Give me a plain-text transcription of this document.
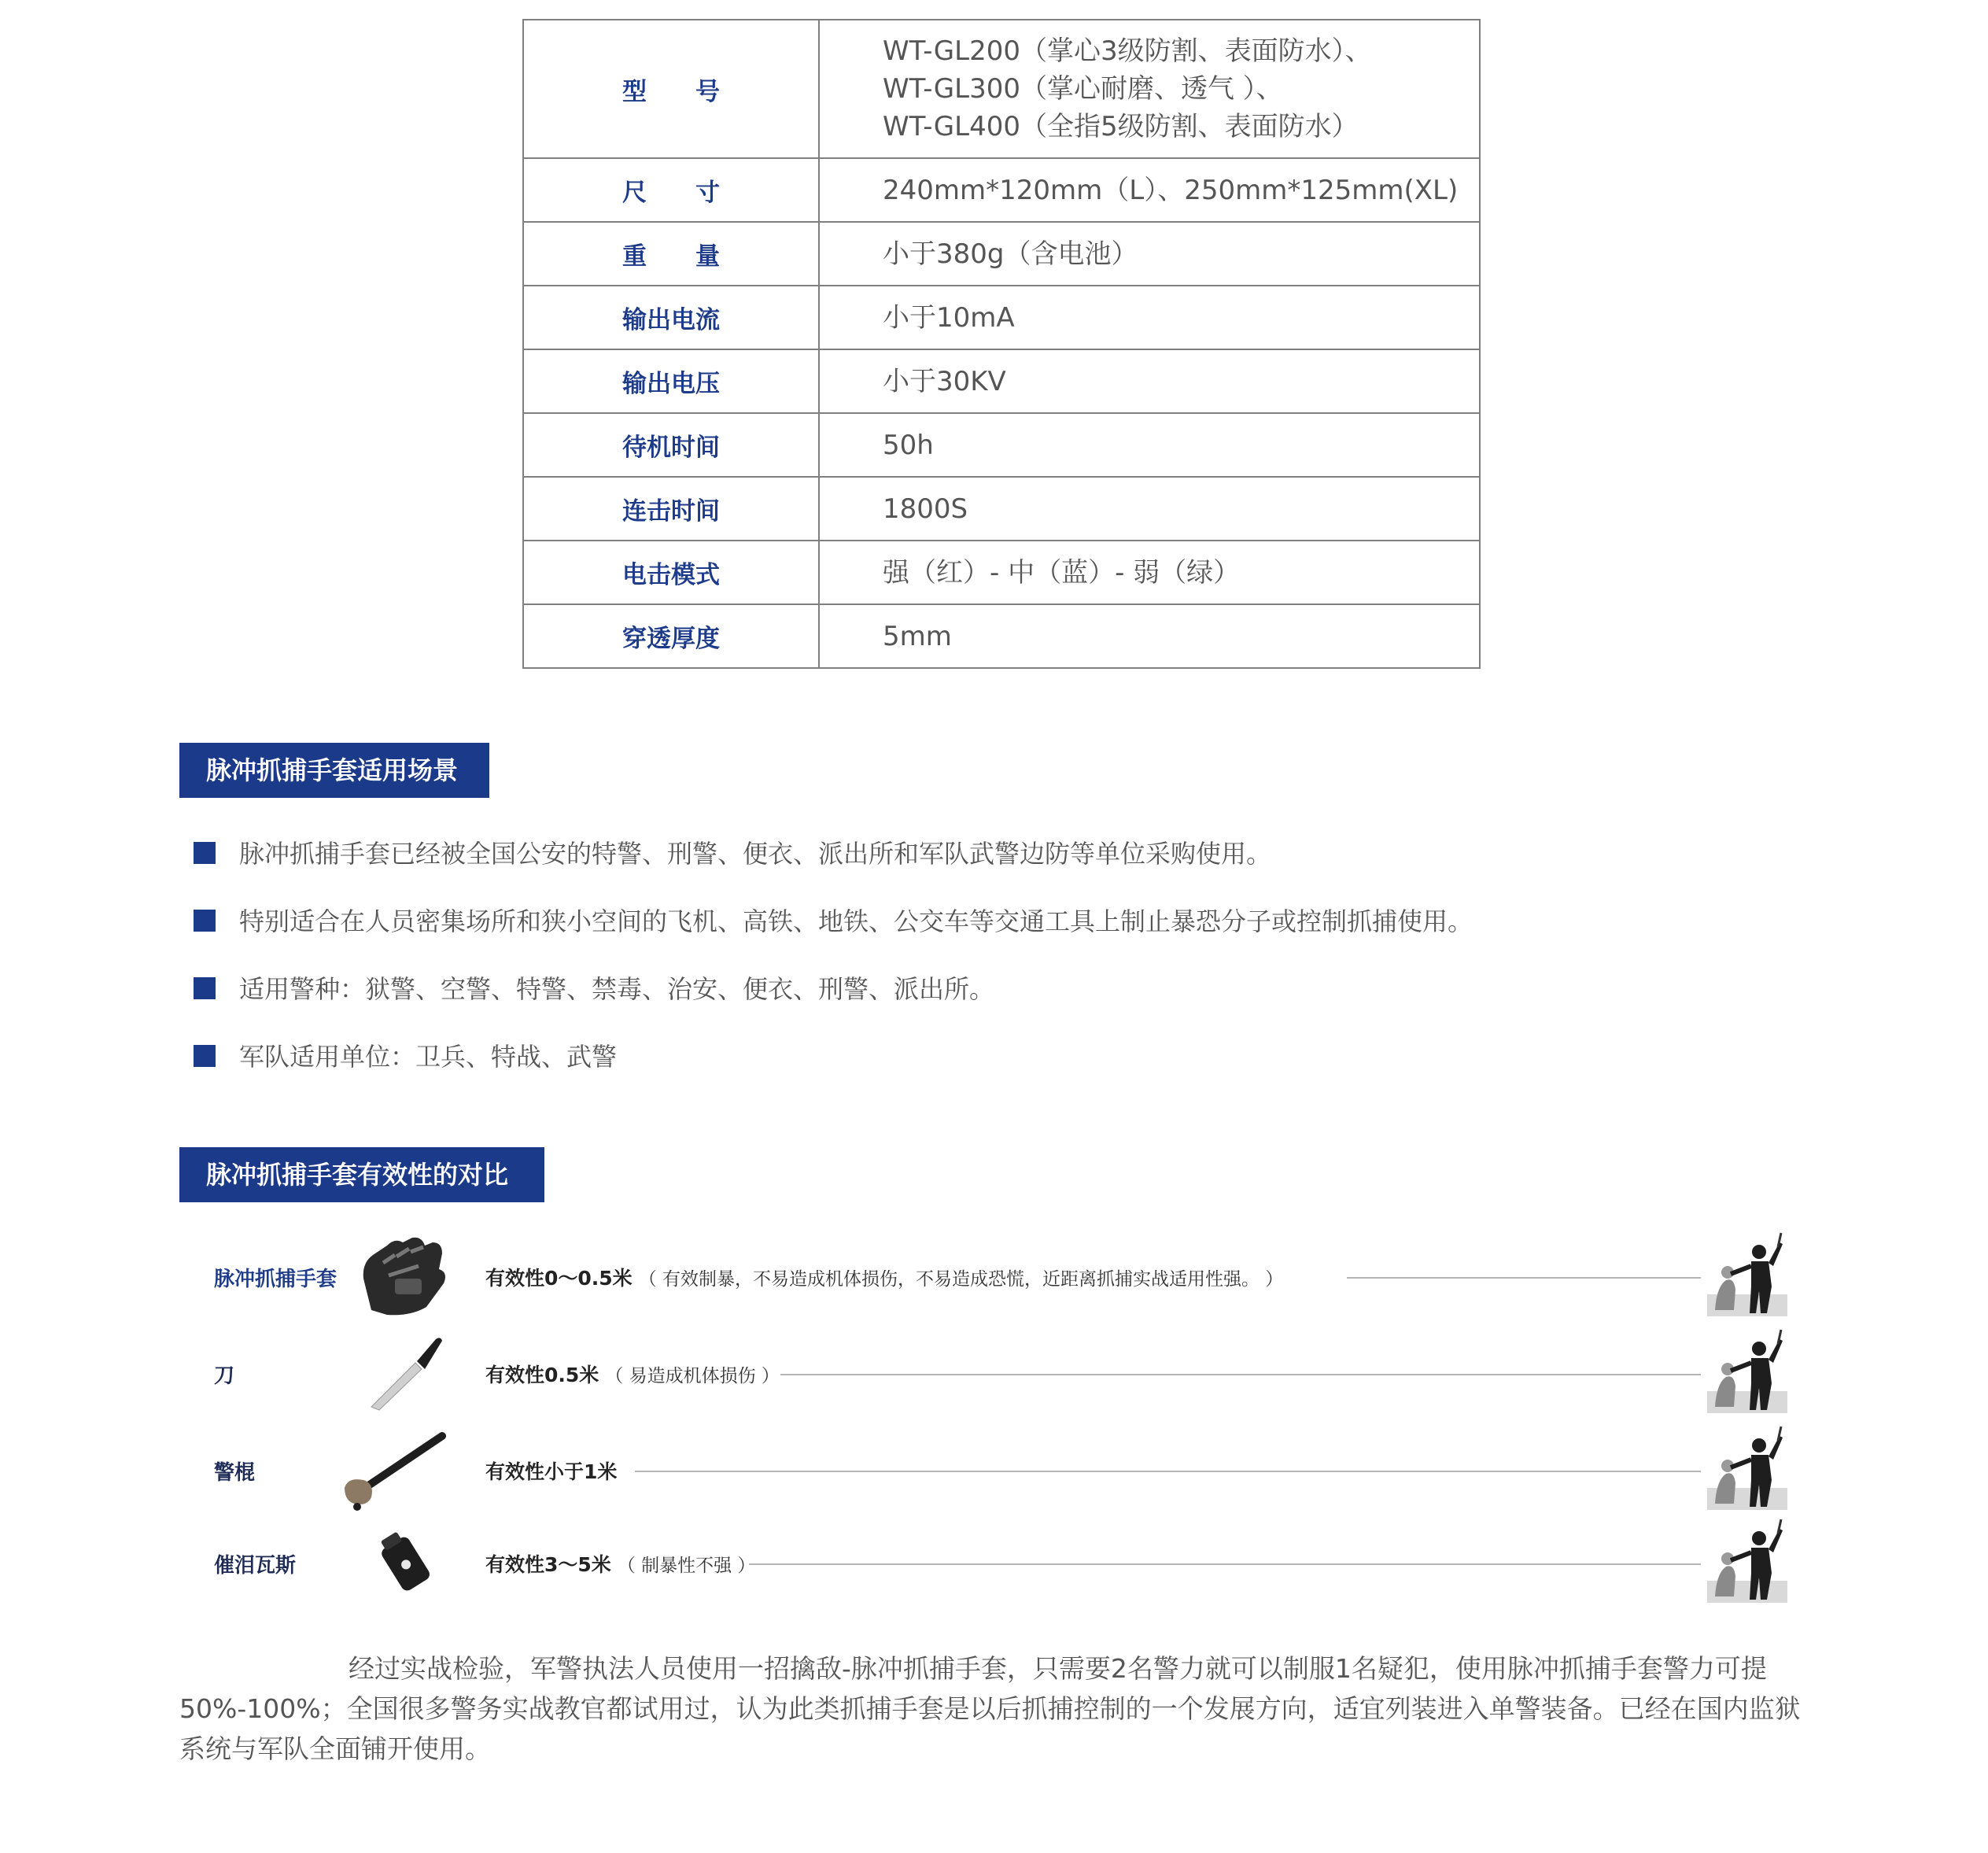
型　　号	WT-GL200（掌心3级防割、表面防水）、
WT-GL300（掌心耐磨、透气 ）、
WT-GL400（全指5级防割、表面防水）

尺　　寸	240mm*120mm（L）、250mm*125mm(XL)
重　　量	小于380g（含电池）
输出电流	小于10mA
输出电压	小于30KV
待机时间	50h
连击时间	1800S
电击模式	强（红）- 中（蓝）- 弱（绿）
穿透厚度	5mm
脉冲抓捕手套适用场景
脉冲抓捕手套已经被全国公安的特警、刑警、便衣、派出所和军队武警边防等单位采购使用。
特别适合在人员密集场所和狭小空间的飞机、高铁、地铁、公交车等交通工具上制止暴恐分子或控制抓捕使用。
适用警种：狱警、空警、特警、禁毒、治安、便衣、刑警、派出所。
军队适用单位：卫兵、特战、武警
脉冲抓捕手套有效性的对比
脉冲抓捕手套	有效性0～0.5米 （ 有效制暴，不易造成机体损伤，不易造成恐慌，近距离抓捕实战适用性强。 ）
刀	有效性0.5米 （ 易造成机体损伤 ）
警棍	有效性小于1米
催泪瓦斯	有效性3～5米 （ 制暴性不强 ）

经过实战检验，军警执法人员使用一招擒敌-脉冲抓捕手套，只需要2名警力就可以制服1名疑犯，使用脉冲抓捕手套警力可提50%-100%；全国很多警务实战教官都试用过，认为此类抓捕手套是以后抓捕控制的一个发展方向，适宜列装进入单警装备。已经在国内监狱系统与军队全面铺开使用。
